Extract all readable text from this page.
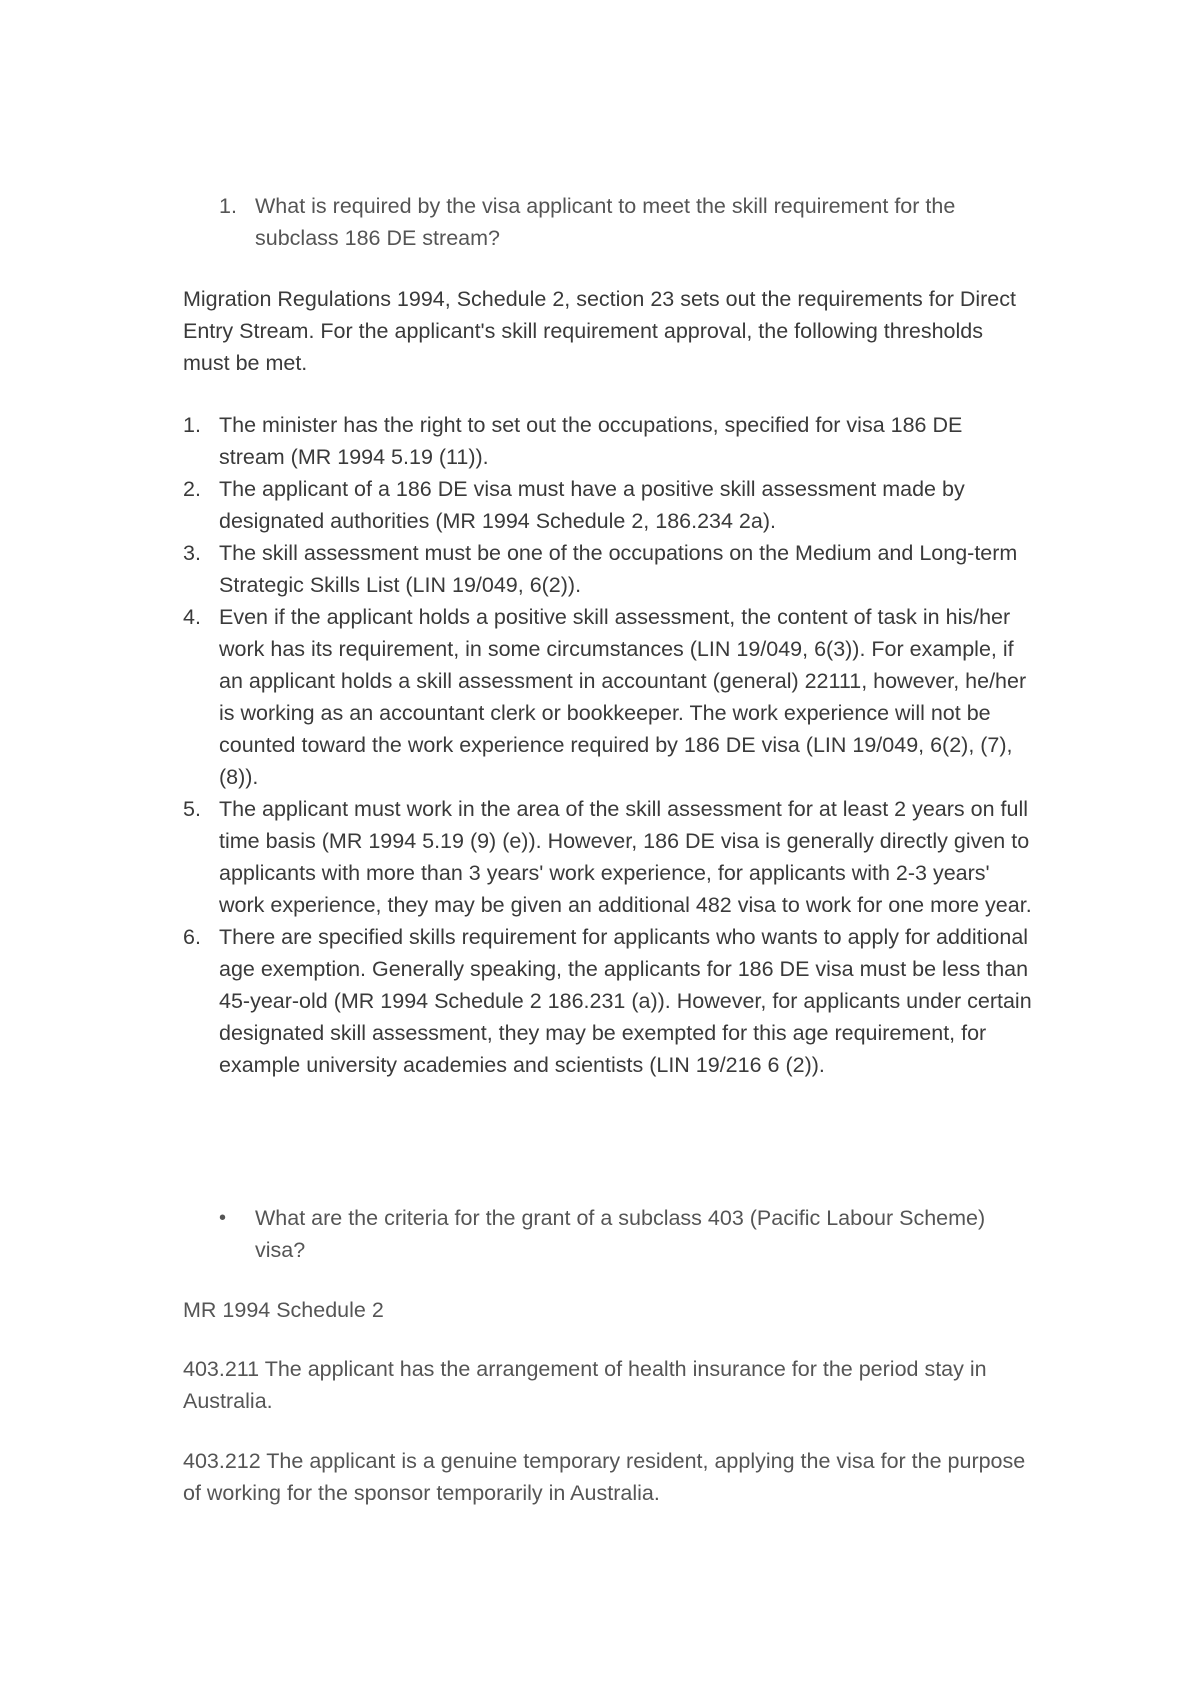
1. What is required by the visa applicant to meet the skill requirement for the subclass 186 DE stream?

Migration Regulations 1994, Schedule 2, section 23 sets out the requirements for Direct Entry Stream. For the applicant's skill requirement approval, the following thresholds must be met.

1. The minister has the right to set out the occupations, specified for visa 186 DE stream (MR 1994 5.19 (11)).
2. The applicant of a 186 DE visa must have a positive skill assessment made by designated authorities (MR 1994 Schedule 2, 186.234 2a).
3. The skill assessment must be one of the occupations on the Medium and Long-term Strategic Skills List (LIN 19/049, 6(2)).
4. Even if the applicant holds a positive skill assessment, the content of task in his/her work has its requirement, in some circumstances (LIN 19/049, 6(3)). For example, if an applicant holds a skill assessment in accountant (general) 22111, however, he/her is working as an accountant clerk or bookkeeper. The work experience will not be counted toward the work experience required by 186 DE visa (LIN 19/049, 6(2), (7), (8)).
5. The applicant must work in the area of the skill assessment for at least 2 years on full time basis (MR 1994 5.19 (9) (e)). However, 186 DE visa is generally directly given to applicants with more than 3 years' work experience, for applicants with 2-3 years' work experience, they may be given an additional 482 visa to work for one more year.
6. There are specified skills requirement for applicants who wants to apply for additional age exemption. Generally speaking, the applicants for 186 DE visa must be less than 45-year-old (MR 1994 Schedule 2 186.231 (a)). However, for applicants under certain designated skill assessment, they may be exempted for this age requirement, for example university academies and scientists (LIN 19/216 6 (2)).
•	What are the criteria for the grant of a subclass 403 (Pacific Labour Scheme) visa?

MR 1994 Schedule 2

403.211 The applicant has the arrangement of health insurance for the period stay in Australia.

403.212 The applicant is a genuine temporary resident, applying the visa for the purpose of working for the sponsor temporarily in Australia.
